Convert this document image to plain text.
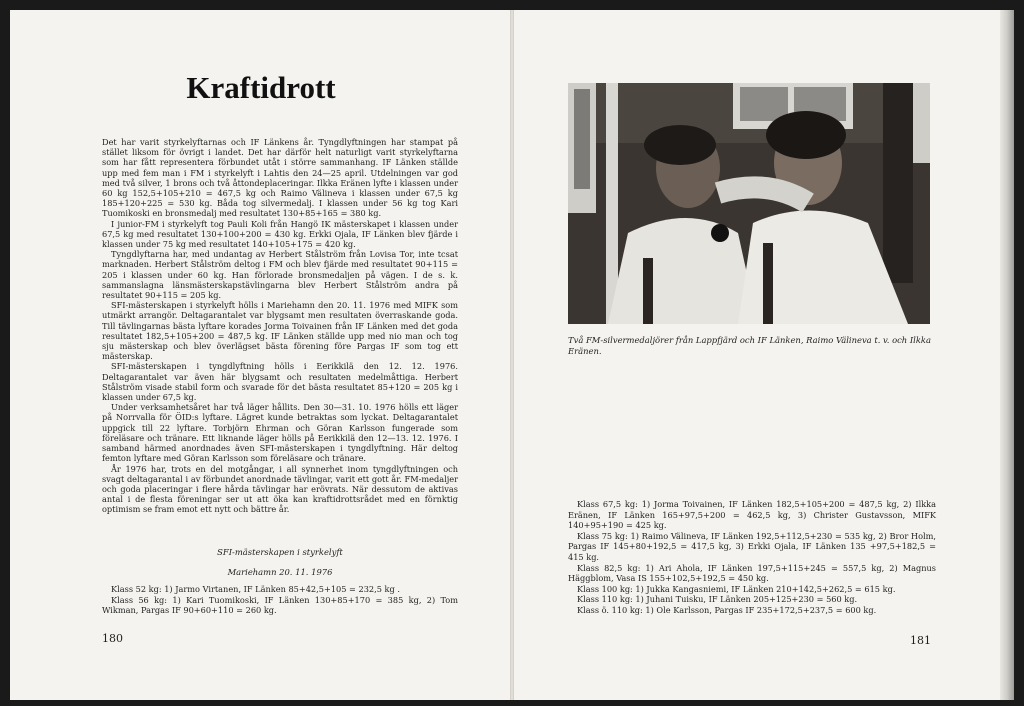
Kraftidrott

Det har varit styrkelyftarnas och IF Länkens år. Tyngdlyftningen har stampat på stället liksom för övrigt i landet. Det har därför helt naturligt varit styrkelyftarna som har fått representera förbundet utåt i större sammanhang. IF Länken ställde upp med fem man i FM i styrkelyft i Lahtis den 24—25 april. Utdelningen var god med två silver, 1 brons och två åttondeplaceringar. Ilkka Eränen lyfte i klassen under 60 kg 152,5+105+210 = 467,5 kg och Raimo Välineva i klassen under 67,5 kg 185+120+225 = 530 kg. Båda tog silvermedalj. I klassen under 56 kg tog Kari Tuomikoski en bronsmedalj med resultatet 130+85+165 = 380 kg.

I junior-FM i styrkelyft tog Pauli Koli från Hangö IK mästerskapet i klassen under 67,5 kg med resultatet 130+100+200 = 430 kg. Erkki Ojala, IF Länken blev fjärde i klassen under 75 kg med resultatet 140+105+175 = 420 kg.

Tyngdlyftarna har, med undantag av Herbert Stålström från Lovisa Tor, inte tcsat marknaden. Herbert Stålström deltog i FM och blev fjärde med resultatet 90+115 = 205 i klassen under 60 kg. Han förlorade bronsmedaljen på vägen. I de s. k. sammanslagna länsmästerskapstävlingarna blev Herbert Stålström andra på resultatet 90+115 = 205 kg.

SFI-mästerskapen i styrkelyft hölls i Mariehamn den 20. 11. 1976 med MIFK som utmärkt arrangör. Deltagarantalet var blygsamt men resultaten överraskande goda. Till tävlingarnas bästa lyftare korades Jorma Toivainen från IF Länken med det goda resultatet 182,5+105+200 = 487,5 kg. IF Länken ställde upp med nio man och tog sju mästerskap och blev överlägset bästa förening före Pargas IF som tog ett mästerskap.

SFI-mästerskapen i tyngdlyftning hölls i Eerikkilä den 12. 12. 1976. Deltagarantalet var även här blygsamt och resultaten medelmåttiga. Herbert Stålström visade stabil form och svarade för det bästa resultatet 85+120 = 205 kg i klassen under 67,5 kg.

Under verksamhetsåret har två läger hållits. Den 30—31. 10. 1976 hölls ett läger på Norrvalla för ÖID:s lyftare. Lägret kunde betraktas som lyckat. Deltagarantalet uppgick till 22 lyftare. Torbjörn Ehrman och Göran Karlsson fungerade som föreläsare och tränare. Ett liknande läger hölls på Eerikkilä den 12—13. 12. 1976. I samband härmed anordnades även SFI-mästerskapen i tyngdlyftning. Här deltog femton lyftare med Göran Karlsson som föreläsare och tränare.

År 1976 har, trots en del motgångar, i all synnerhet inom tyngdlyftningen och svagt deltagarantal i av förbundet anordnade tävlingar, varit ett gott år. FM-medaljer och goda placeringar i flere hårda tävlingar har erövrats. När dessutom de aktivas antal i de flesta föreningar ser ut att öka kan kraftidrottsrådet med en förnktig optimism se fram emot ett nytt och bättre år.

SFI-mästerskapen i styrkelyft
Mariehamn 20. 11. 1976

Klass 52 kg: 1) Jarmo Virtanen, IF Länken 85+42,5+105 = 232,5 kg .

Klass 56 kg: 1) Kari Tuomikoski, IF Länken 130+85+170 = 385 kg, 2) Tom Wikman, Pargas IF 90+60+110 = 260 kg.

180
Två FM-silvermedaljörer från Lappfjärd och IF Länken, Raimo Välineva t. v. och Ilkka Eränen.

Klass 67,5 kg: 1) Jorma Toivainen, IF Länken 182,5+105+200 = 487,5 kg, 2) Ilkka Eränen, IF Länken 165+97,5+200 = 462,5 kg, 3) Christer Gustavsson, MIFK 140+95+190 = 425 kg.

Klass 75 kg: 1) Raimo Välineva, IF Länken 192,5+112,5+230 = 535 kg, 2) Bror Holm, Pargas IF 145+80+192,5 = 417,5 kg, 3) Erkki Ojala, IF Länken 135 +97,5+182,5 = 415 kg.

Klass 82,5 kg: 1) Ari Ahola, IF Länken 197,5+115+245 = 557,5 kg, 2) Magnus Häggblom, Vasa IS 155+102,5+192,5 = 450 kg.

Klass 100 kg: 1) Jukka Kangasniemi, IF Länken 210+142,5+262,5 = 615 kg.

Klass 110 kg: 1) Juhani Tuisku, IF Länken 205+125+230 = 560 kg.

Klass ö. 110 kg: 1) Ole Karlsson, Pargas IF 235+172,5+237,5 = 600 kg.

181
